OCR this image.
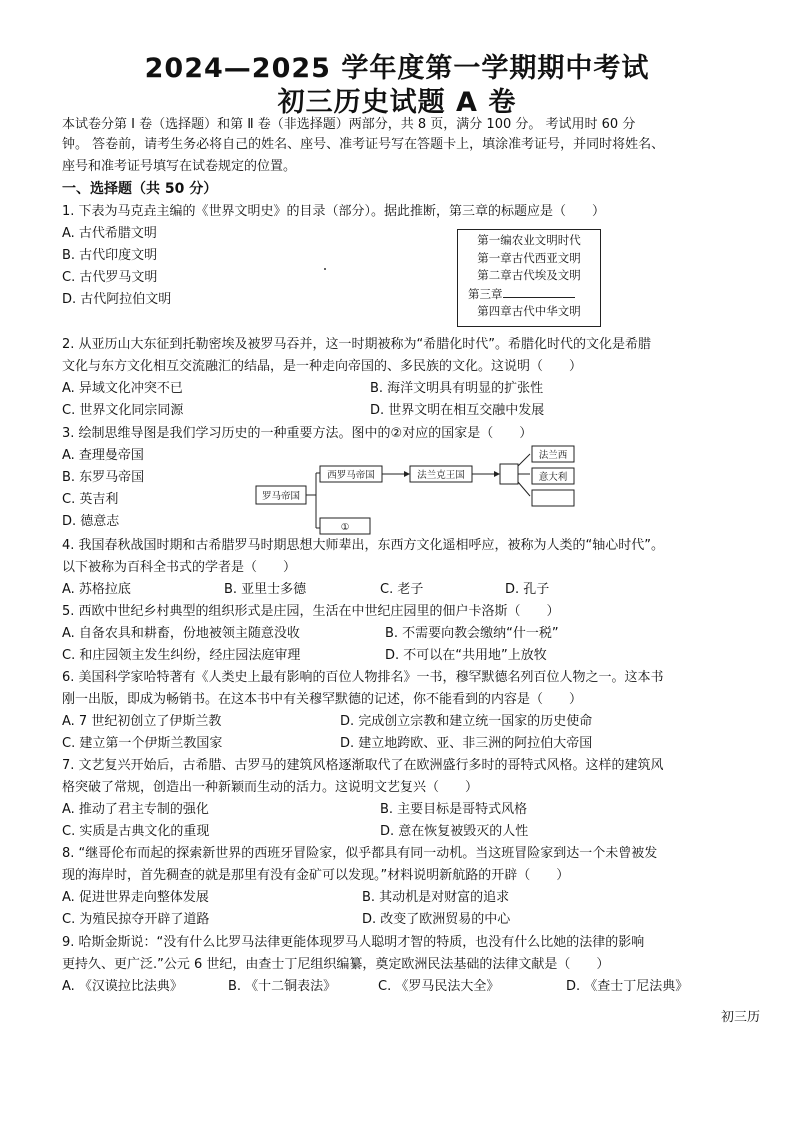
2024—2025 学年度第一学期期中考试
初三历史试题 A 卷
本试卷分第 Ⅰ 卷（选择题）和第 Ⅱ 卷（非选择题）两部分，共 8 页，满分 100 分。 考试用时 60 分
钟。 答卷前，请考生务必将自己的姓名、座号、准考证号写在答题卡上，填涂准考证号，并同时将姓名、
座号和准考证号填写在试卷规定的位置。
一、选择题（共 50 分）
1. 下表为马克垚主编的《世界文明史》的目录（部分）。据此推断，第三章的标题应是（　　）
A. 古代希腊文明
B. 古代印度文明
C. 古代罗马文明
D. 古代阿拉伯文明
第一编农业文明时代
第一章古代西亚文明
第二章古代埃及文明
第三章
第四章古代中华文明
2. 从亚历山大东征到托勒密埃及被罗马吞并，这一时期被称为“希腊化时代”。希腊化时代的文化是希腊
文化与东方文化相互交流融汇的结晶，是一种走向帝国的、多民族的文化。这说明（　　）
A. 异域文化冲突不已	B. 海洋文明具有明显的扩张性
C. 世界文化同宗同源	D. 世界文明在相互交融中发展
3. 绘制思维导图是我们学习历史的一种重要方法。图中的②对应的国家是（　　）
A. 查理曼帝国
B. 东罗马帝国
C. 英吉利
D. 德意志
罗马帝国
西罗马帝国	法兰克王国
法兰西
意大利
①
4. 我国春秋战国时期和古希腊罗马时期思想大师辈出，东西方文化遥相呼应，被称为人类的“轴心时代”。
以下被称为百科全书式的学者是（　　）
A. 苏格拉底	B. 亚里士多德	C. 老子	D. 孔子
5. 西欧中世纪乡村典型的组织形式是庄园，生活在中世纪庄园里的佃户卡洛斯（　　）
A. 自备农具和耕畜，份地被领主随意没收	B. 不需要向教会缴纳“什一税”
C. 和庄园领主发生纠纷，经庄园法庭审理	D. 不可以在“共用地”上放牧
6. 美国科学家哈特著有《人类史上最有影响的百位人物排名》一书，穆罕默德名列百位人物之一。这本书
刚一出版，即成为畅销书。在这本书中有关穆罕默德的记述，你不能看到的内容是（　　）
A. 7 世纪初创立了伊斯兰教	D. 完成创立宗教和建立统一国家的历史使命
C. 建立第一个伊斯兰教国家	D. 建立地跨欧、亚、非三洲的阿拉伯大帝国
7. 文艺复兴开始后，古希腊、古罗马的建筑风格逐渐取代了在欧洲盛行多时的哥特式风格。这样的建筑风
格突破了常规，创造出一种新颖而生动的活力。这说明文艺复兴（　　）
A. 推动了君主专制的强化	B. 主要目标是哥特式风格
C. 实质是古典文化的重现	D. 意在恢复被毁灭的人性
8. “继哥伦布而起的探索新世界的西班牙冒险家，似乎都具有同一动机。当这班冒险家到达一个未曾被发
现的海岸时，首先稠查的就是那里有没有金矿可以发现。”材料说明新航路的开辟（　　）
A. 促进世界走向整体发展	B. 其动机是对财富的追求
C. 为殖民掠夺开辟了道路	D. 改变了欧洲贸易的中心
9. 哈斯金斯说：“没有什么比罗马法律更能体现罗马人聪明才智的特质，也没有什么比她的法律的影响
更持久、更广泛.”公元 6 世纪，由查士丁尼组织编纂，奠定欧洲民法基础的法律文献是（　　）
A. 《汉谟拉比法典》	B. 《十二铜表法》	C. 《罗马民法大全》	D. 《查士丁尼法典》
初三历
